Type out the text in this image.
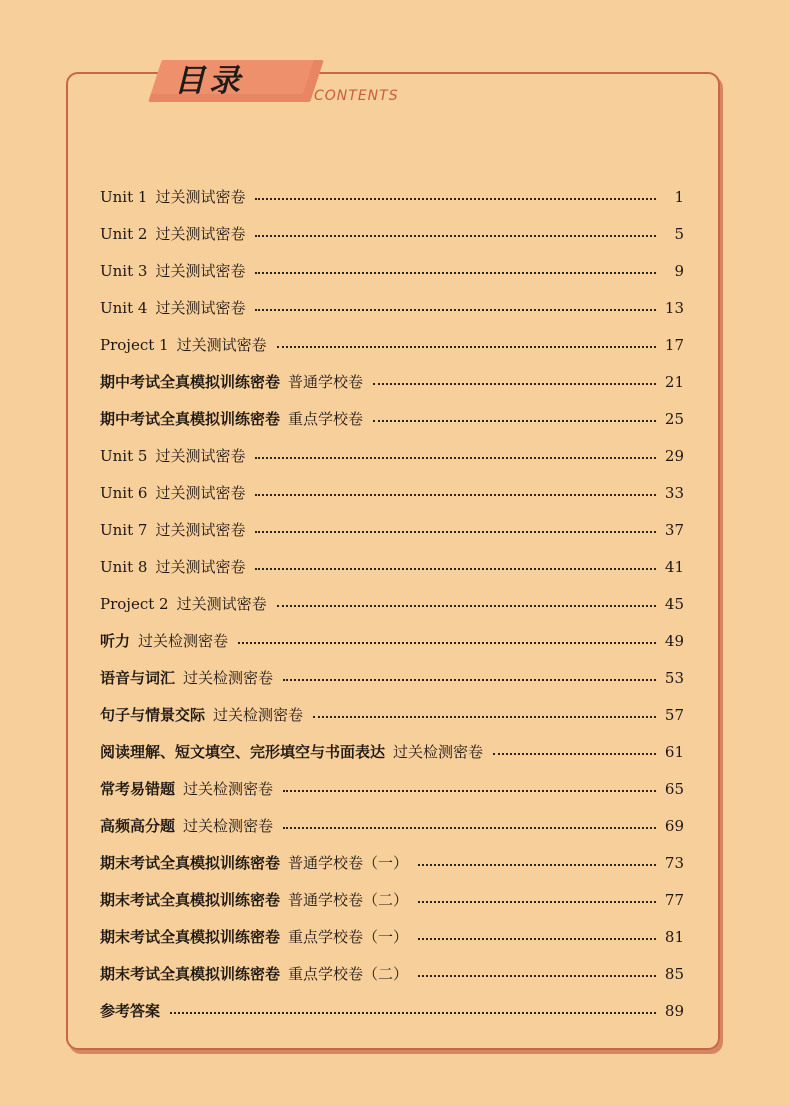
目录	CONTENTS
Unit 1 过关测试密卷	1
Unit 2 过关测试密卷	5
Unit 3 过关测试密卷	9
Unit 4 过关测试密卷	13
Project 1 过关测试密卷	17
期中考试全真模拟训练密卷 普通学校卷	21
期中考试全真模拟训练密卷 重点学校卷	25
Unit 5 过关测试密卷	29
Unit 6 过关测试密卷	33
Unit 7 过关测试密卷	37
Unit 8 过关测试密卷	41
Project 2 过关测试密卷	45
听力 过关检测密卷	49
语音与词汇 过关检测密卷	53
句子与情景交际 过关检测密卷	57
阅读理解、短文填空、完形填空与书面表达 过关检测密卷	61
常考易错题 过关检测密卷	65
高频高分题 过关检测密卷	69
期末考试全真模拟训练密卷 普通学校卷（一）	73
期末考试全真模拟训练密卷 普通学校卷（二）	77
期末考试全真模拟训练密卷 重点学校卷（一）	81
期末考试全真模拟训练密卷 重点学校卷（二）	85
参考答案	89
